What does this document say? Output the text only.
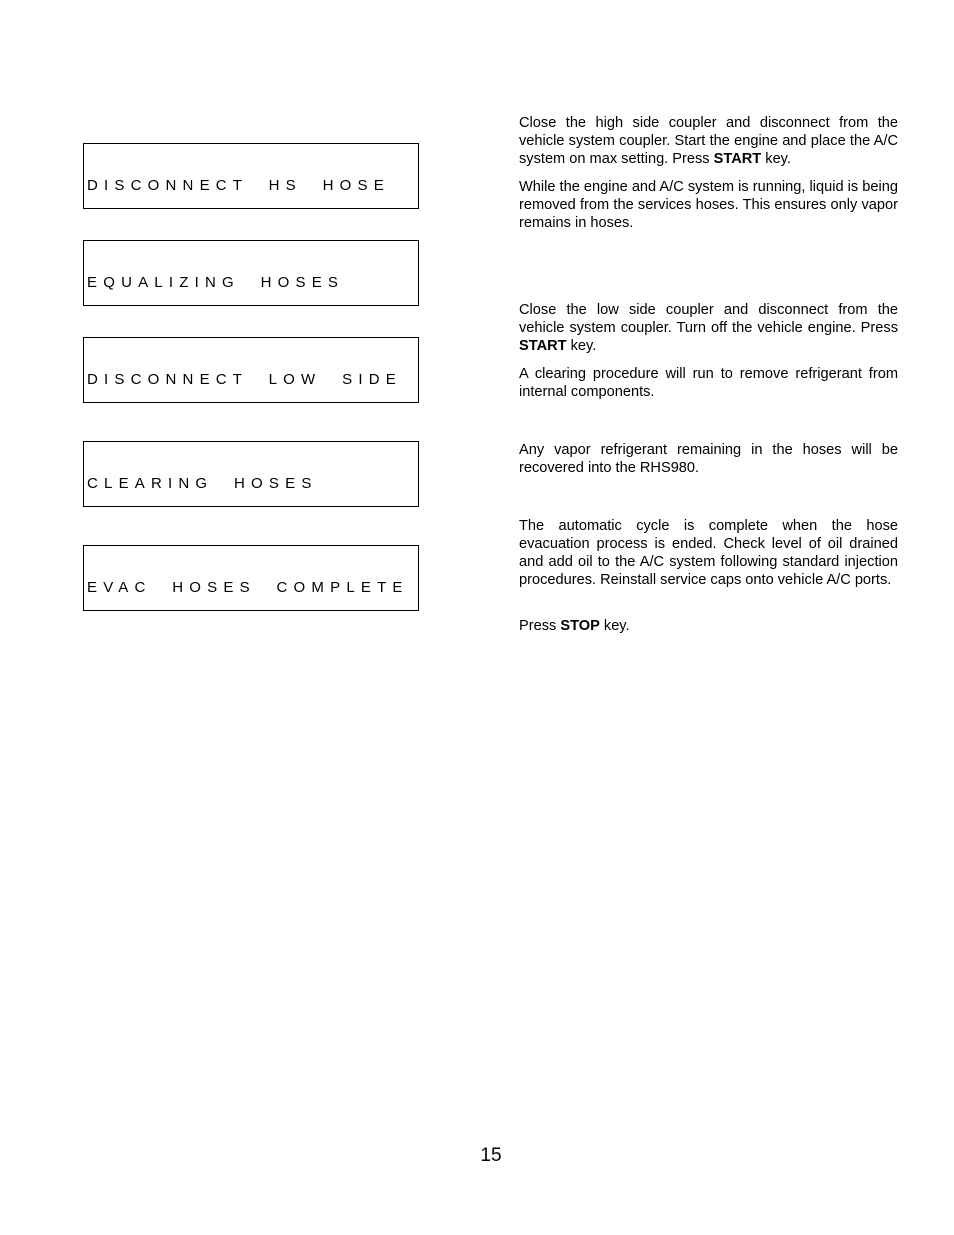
DISCONNECT  HS  HOSE

EQUALIZING  HOSES

DISCONNECT  LOW  SIDE

CLEARING  HOSES

EVAC  HOSES  COMPLETE

Close the high side coupler and disconnect from the vehicle system coupler. Start the engine and place the A/C system on max setting. Press START key.

While the engine and A/C system is running, liquid is being removed from the services hoses. This ensures only vapor remains in hoses.

Close the low side coupler and disconnect from the vehicle system coupler. Turn off the vehicle engine. Press START key.

A clearing procedure will run to remove refrigerant from internal components.

Any vapor refrigerant remaining in the hoses will be recovered into the RHS980.

The automatic cycle is complete when the hose evacuation process is ended. Check level of oil drained and add oil to the A/C system following standard injection procedures. Reinstall service caps onto vehicle A/C ports.

Press STOP key.

15
